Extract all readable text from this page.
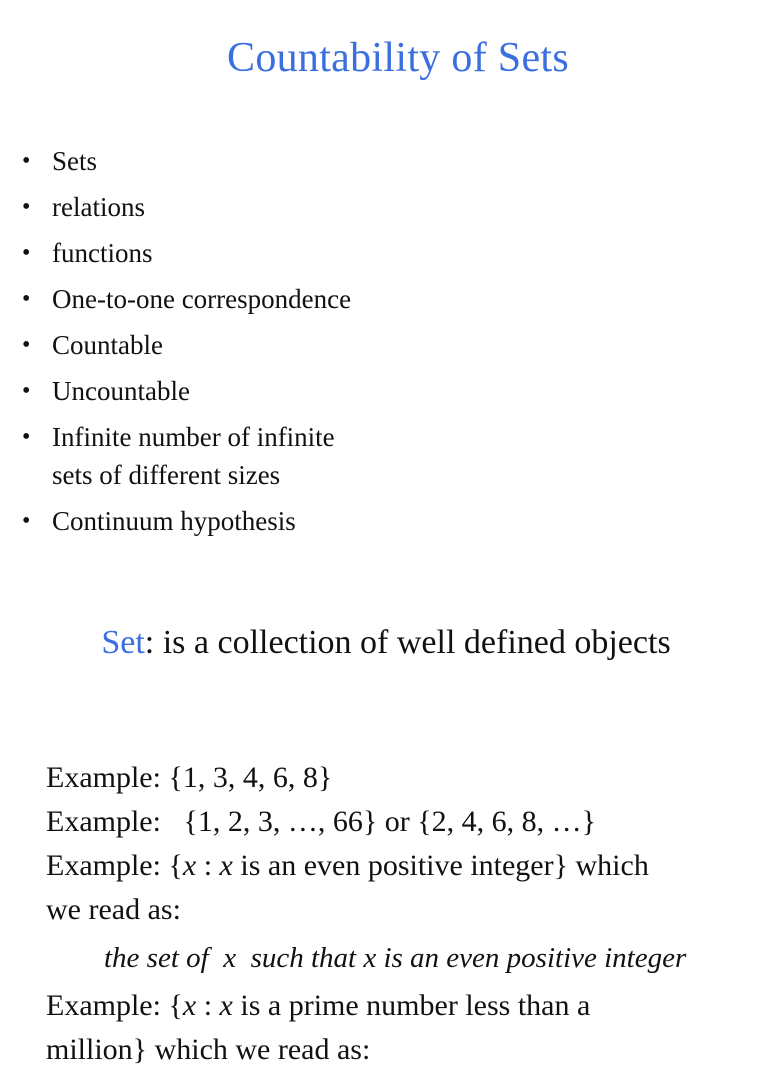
Countability of Sets
• Sets
• relations
• functions
• One-to-one correspondence
• Countable
• Uncountable
• Infinite number of infinite
sets of different sizes
• Continuum hypothesis
Set: is a collection of well defined objects
Example: {1, 3, 4, 6, 8}
Example:   {1, 2, 3, …, 66} or {2, 4, 6, 8, …}
Example: {x : x is an even positive integer} which
we read as:
the set of  x  such that x is an even positive integer
Example: {x : x is a prime number less than a
million} which we read as:
